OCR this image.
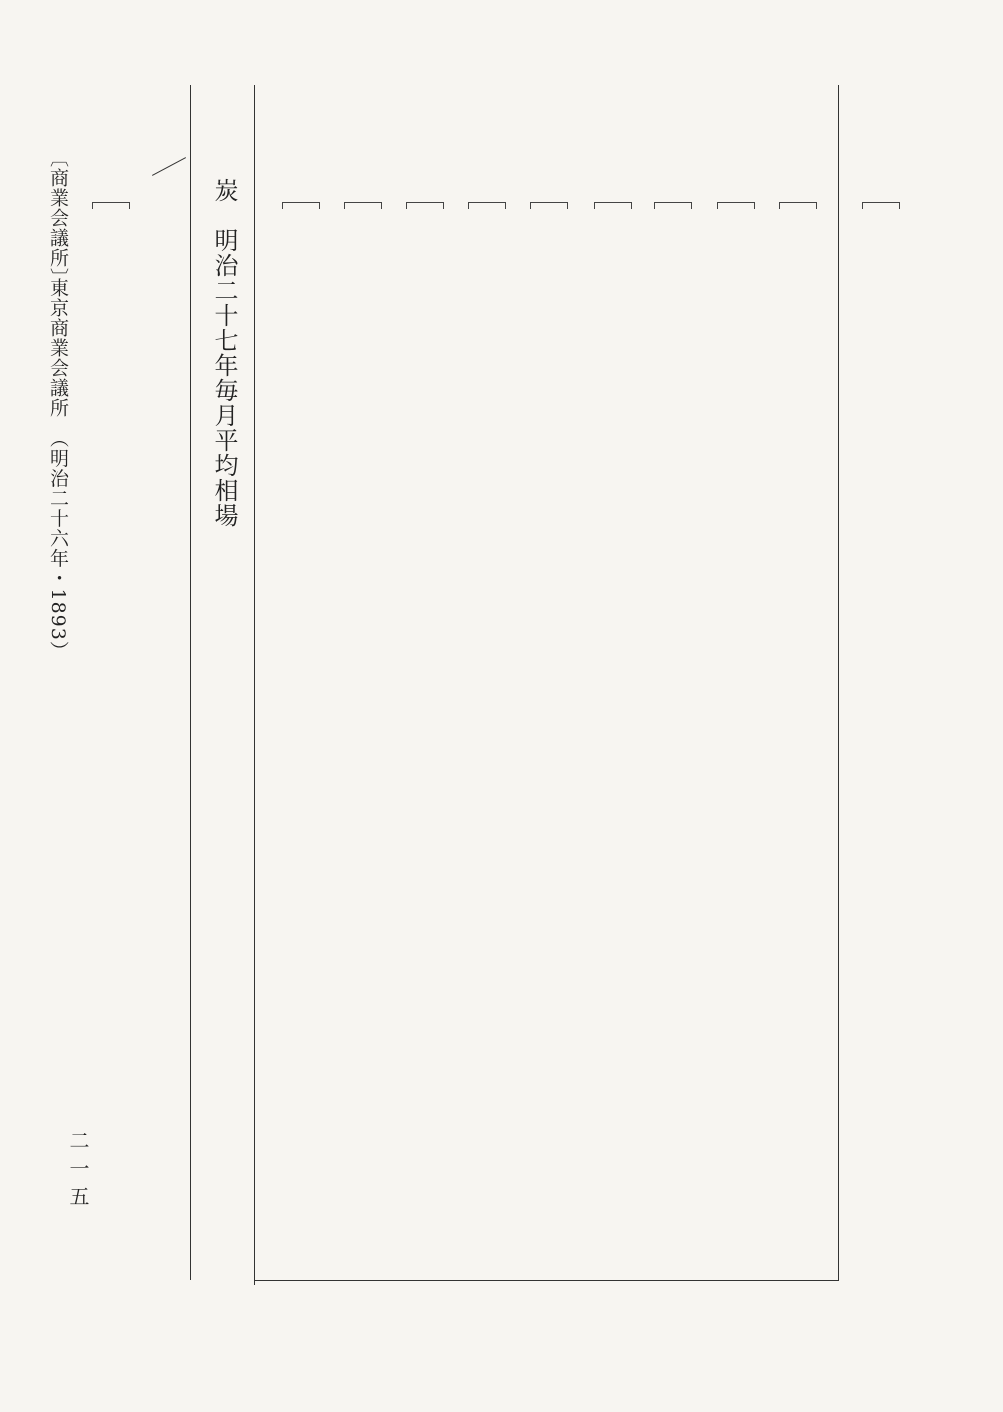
炭　明治二十七年毎月平均相場
〔商業会議所〕
東京商業会議所　（明治二十六年・1893）
二一五
